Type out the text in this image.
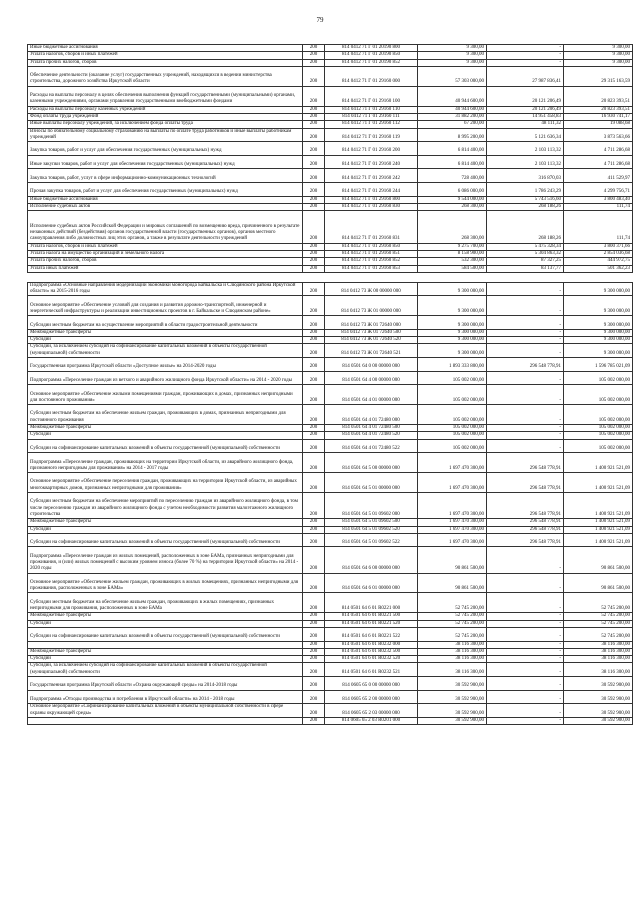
79
Иные бюджетные ассигнования	200	814 0412 71 Г 01 20190 800	9 300,00	-	9 300,00
Уплата налогов, сборов и иных платежей	200	814 0412 71 Г 01 20190 850	9 300,00	-	9 300,00
Уплата прочих налогов, сборов	200	814 0412 71 Г 01 20190 852	9 300,00	-	9 300,00
Обеспечение деятельности (оказание услуг) государственных учреждений, находящихся в ведении министерства строительства, дорожного хозяйства Иркутской области	200	814 0412 71 Г 01 29160 000	57 303 000,00	27 987 836,41	29 315 163,59
Расходы на выплаты персоналу в целях обеспечения выполнения функций государственными (муниципальными) органами, казенными учреждениями, органами управления государственными внебюджетными фондами	200	814 0412 71 Г 01 29160 100	40 944 600,00	20 121 206,49	20 823 393,51
Расходы на выплаты персоналу казенных учреждений	200	814 0412 71 Г 01 29160 110	40 944 600,00	20 121 206,49	20 823 393,51
Фонд оплаты труда учреждений	200	814 0412 71 Г 01 29160 111	31 882 200,00	14 951 458,83	16 930 741,17
Иные выплаты персоналу учреждений, за исключением фонда оплаты труда	200	814 0412 71 Г 01 29160 112	67 200,00	48 111,32	19 088,68
Взносы по обязательному социальному страхованию на выплаты по оплате труда работников и иные выплаты работникам учреждений	200	814 0412 71 Г 01 29160 119	8 995 200,00	5 121 636,34	3 873 563,66
Закупка товаров, работ и услуг для обеспечения государственных (муниципальных) нужд	200	814 0412 71 Г 01 29160 200	6 814 400,00	2 103 113,32	4 711 286,68
Иные закупки товаров, работ и услуг для обеспечения государственных (муниципальных) нужд	200	814 0412 71 Г 01 29160 240	6 814 400,00	2 103 113,32	4 711 286,68
Закупка товаров, работ, услуг в сфере информационно-коммуникационных технологий	200	814 0412 71 Г 01 29160 242	728 400,00	316 870,03	411 529,97
Прочая закупка товаров, работ и услуг для обеспечения государственных (муниципальных) нужд	200	814 0412 71 Г 01 29160 244	6 086 000,00	1 786 243,29	4 299 756,71
Иные бюджетные ассигнования	200	814 0412 71 Г 01 29160 800	9 544 000,00	5 743 516,60	3 800 483,40
Исполнение судебных актов	200	814 0412 71 Г 01 29160 830	268 300,00	268 188,26	111,74
Исполнение судебных актов Российской Федерации и мировых соглашений по возмещению вреда, причиненного в результате незаконных действий (бездействия) органов государственной власти (государственных органов), органов местного самоуправления либо должностных лиц этих органов, а также в результате деятельности учреждений	200	814 0412 71 Г 01 29160 831	268 300,00	268 188,26	111,74
Уплата налогов, сборов и иных платежей	200	814 0412 71 Г 01 29160 850	9 275 700,00	5 475 328,34	3 800 371,66
Уплата налога на имущество организаций и земельного налога	200	814 0412 71 Г 01 29160 851	8 158 900,00	5 304 863,32	2 854 036,68
Уплата прочих налогов, сборов	200	814 0412 71 Г 01 29160 852	532 300,00	87 327,25	444 972,75
Уплата иных платежей	200	814 0412 71 Г 01 29160 853	584 500,00	83 137,77	501 362,23

Подпрограмма «Основные направления модернизации экономики моногорода Байкальска и Слюдянского района Иркутской области» на 2015-2016 годы	200	814 0412 73 Ж 00 00000 000	9 300 000,00	-	9 300 000,00
Основное мероприятие «Обеспечение условий для создания и развития дорожно-транспортной, инженерной и энергетической инфраструктуры и реализации инвестиционных проектов в г. Байкальске и Слюдянском районе»	200	814 0412 73 Ж 01 00000 000	9 300 000,00	-	9 300 000,00
Субсидии местным бюджетам на осуществление мероприятий в области градостроительной деятельности	200	814 0412 73 Ж 01 72640 000	9 300 000,00	-	9 300 000,00
Межбюджетные трансферты	200	814 0412 73 Ж 01 72640 500	9 300 000,00	-	9 300 000,00
Субсидии	200	814 0412 73 Ж 01 72640 520	9 300 000,00	-	9 300 000,00
Субсидии, за исключением субсидий на софинансирование капитальных вложений в объекты государственной (муниципальной) собственности	200	814 0412 73 Ж 01 72640 521	9 300 000,00	-	9 300 000,00
Государственная программа Иркутской области «Доступное жилье» на 2014-2020 годы	200	814 0501 64 0 00 00000 000	1 893 333 800,00	296 548 778,91	1 596 785 021,09
Подпрограмма «Переселение граждан из ветхого и аварийного жилищного фонда Иркутской области» на 2014 - 2020 годы	200	814 0501 64 4 00 00000 000	105 002 000,00	-	105 002 000,00
Основное мероприятие «Обеспечение жилыми помещениями граждан, проживающих в домах, признанных непригодными для постоянного проживания»	200	814 0501 64 4 01 00000 000	105 002 000,00	-	105 002 000,00
Субсидии местным бюджетам на обеспечение жильем граждан, проживающих в домах, признанных непригодными для постоянного проживания	200	814 0501 64 4 01 72480 000	105 002 000,00	-	105 002 000,00
Межбюджетные трансферты	200	814 0501 64 4 01 72480 500	105 002 000,00	-	105 002 000,00
Субсидии	200	814 0501 64 4 01 72480 520	105 002 000,00	-	105 002 000,00
Субсидии на софинансирование капитальных вложений в объекты государственной (муниципальной) собственности	200	814 0501 64 4 01 72480 522	105 002 000,00	-	105 002 000,00
Подпрограмма «Переселение граждан, проживающих на территории Иркутской области, из аварийного жилищного фонда, признанного непригодным для проживания» на 2014 - 2017 годы	200	814 0501 64 5 00 00000 000	1 697 470 300,00	296 548 778,91	1 400 921 521,09
Основное мероприятие «Обеспечение переселения граждан, проживающих на территории Иркутской области, из аварийных многоквартирных домов, признанных непригодными для проживания»	200	814 0501 64 5 01 00000 000	1 697 470 300,00	296 548 778,91	1 400 921 521,09
Субсидии местным бюджетам на обеспечение мероприятий по переселению граждан из аварийного жилищного фонда, в том числе переселению граждан из аварийного жилищного фонда с учетом необходимости развития малоэтажного жилищного строительства	200	814 0501 64 5 01 09602 000	1 697 470 300,00	296 548 778,91	1 400 921 521,09
Межбюджетные трансферты	200	814 0501 64 5 01 09602 500	1 697 470 300,00	296 548 778,91	1 400 921 521,09
Субсидии	200	814 0501 64 5 01 09602 520	1 697 470 300,00	296 548 778,91	1 400 921 521,09
Субсидии на софинансирование капитальных вложений в объекты государственной (муниципальной) собственности	200	814 0501 64 5 01 09602 522	1 697 470 300,00	296 548 778,91	1 400 921 521,09
Подпрограмма «Переселение граждан из жилых помещений, расположенных в зоне БАМа, признанных непригодными для проживания, и (или) жилых помещений с высоким уровнем износа (более 70 %) на территории Иркутской области» на 2014 - 2020 годы	200	814 0501 64 6 00 00000 000	90 861 500,00	-	90 861 500,00
Основное мероприятие «Обеспечение жильем граждан, проживающих в жилых помещениях, признанных непригодными для проживания, расположенных в зоне БАМа»	200	814 0501 64 6 01 00000 000	90 861 500,00	-	90 861 500,00
Субсидии местным бюджетам на обеспечение жильем граждан, проживающих в жилых помещениях, признанных непригодными для проживания, расположенных в зоне БАМа	200	814 0501 64 6 01 R0221 000	52 745 200,00	-	52 745 200,00
Межбюджетные трансферты	200	814 0501 64 6 01 R0221 500	52 745 200,00	-	52 745 200,00
Субсидии	200	814 0501 64 6 01 R0221 520	52 745 200,00	-	52 745 200,00
Субсидии на софинансирование капитальных вложений в объекты государственной (муниципальной) собственности	200	814 0501 64 6 01 R0221 522	52 745 200,00	-	52 745 200,00
	200	814 0501 64 6 01 R0232 000	38 116 300,00	-	38 116 300,00
Межбюджетные трансферты	200	814 0501 64 6 01 R0232 500	38 116 300,00	-	38 116 300,00
Субсидии	200	814 0501 64 6 01 R0232 520	38 116 300,00	-	38 116 300,00
Субсидии, за исключением субсидий на софинансирование капитальных вложений в объекты государственной (муниципальной) собственности	200	814 0501 64 6 01 R0232 521	38 116 300,00	-	38 116 300,00
Государственная программа Иркутской области «Охрана окружающей среды» на 2014-2018 годы	200	814 0605 65 0 00 00000 000	30 592 900,00	-	30 592 900,00
Подпрограмма «Отходы производства и потребления в Иркутской области» на 2014 - 2018 годы	200	814 0605 65 2 00 00000 000	30 592 900,00	-	30 592 900,00
Основное мероприятие «Софинансирование капитальных вложений в объекты муниципальной собственности в сфере охраны окружающей среды»	200	814 0605 65 2 03 00000 000	30 592 900,00	-	30 592 900,00
	200	814 0605 65 2 03 R0201 000	30 592 900,00	-	30 592 900,00
